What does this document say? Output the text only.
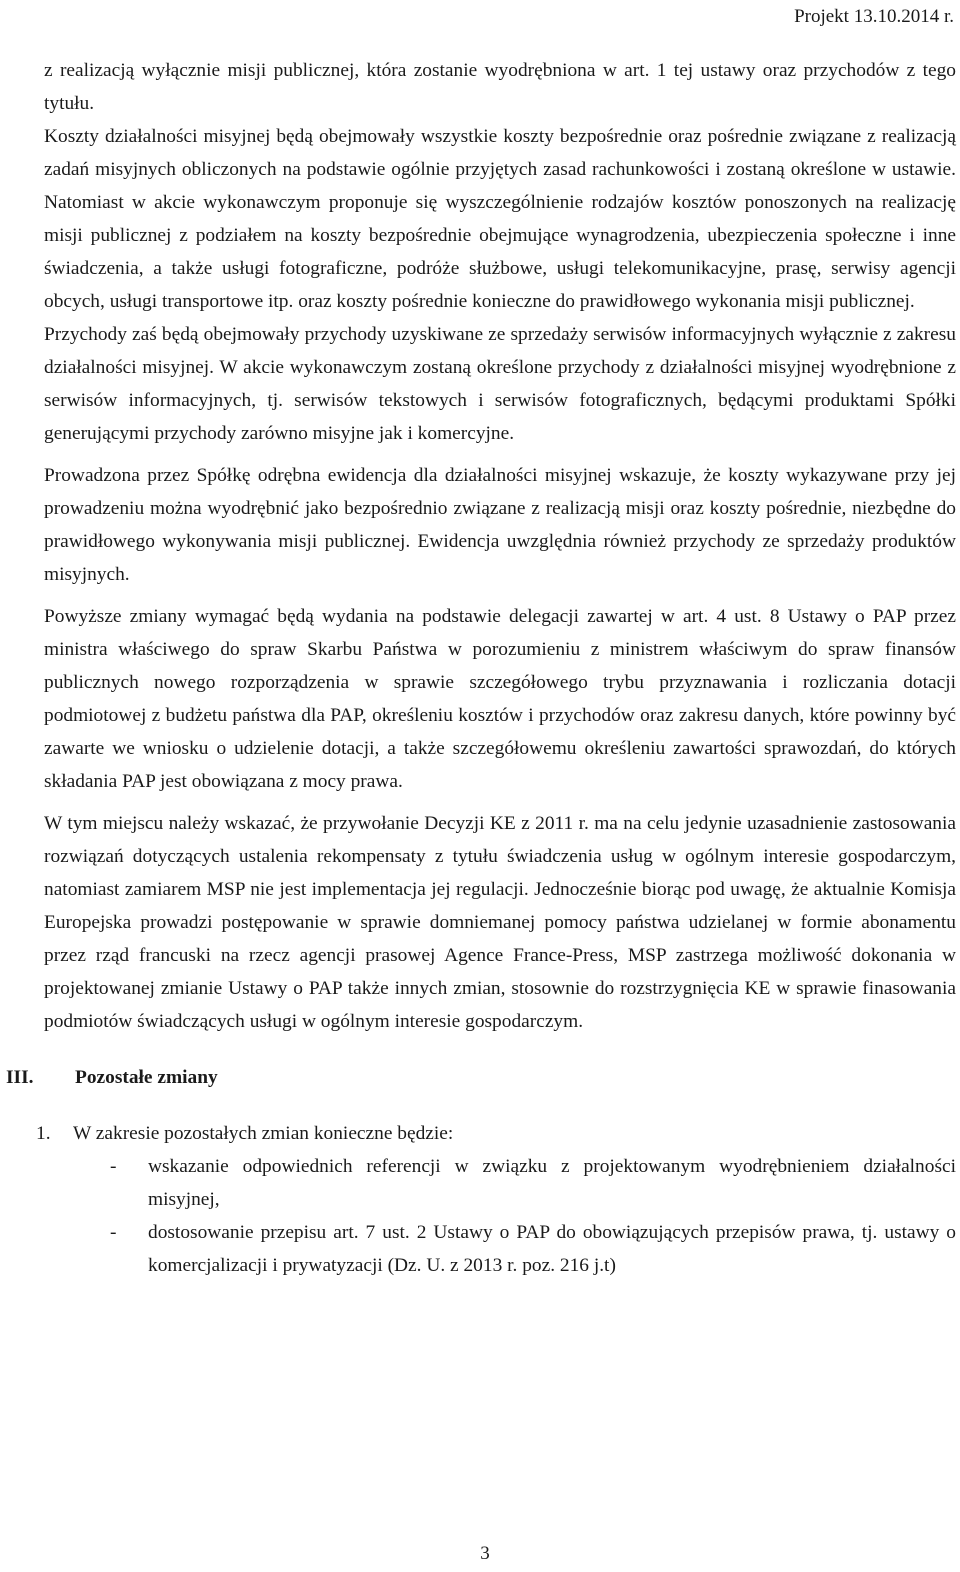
Projekt 13.10.2014 r.

z realizacją wyłącznie misji publicznej, która zostanie wyodrębniona w art. 1 tej ustawy oraz przychodów z tego tytułu.

Koszty działalności misyjnej będą obejmowały wszystkie koszty bezpośrednie oraz pośrednie związane z realizacją zadań misyjnych obliczonych na podstawie ogólnie przyjętych zasad rachunkowości i zostaną określone w ustawie. Natomiast w akcie wykonawczym proponuje się wyszczególnienie rodzajów kosztów ponoszonych na realizację misji publicznej z podziałem na koszty bezpośrednie obejmujące wynagrodzenia, ubezpieczenia społeczne i inne świadczenia, a także usługi fotograficzne, podróże służbowe, usługi telekomunikacyjne, prasę, serwisy agencji obcych, usługi transportowe itp. oraz koszty pośrednie konieczne do prawidłowego wykonania misji publicznej.

Przychody zaś będą obejmowały przychody uzyskiwane ze sprzedaży serwisów informacyjnych wyłącznie z zakresu działalności misyjnej. W akcie wykonawczym zostaną określone przychody z działalności misyjnej wyodrębnione z serwisów informacyjnych, tj. serwisów tekstowych i serwisów fotograficznych, będącymi produktami Spółki generującymi przychody zarówno misyjne jak i komercyjne.

Prowadzona przez Spółkę odrębna ewidencja dla działalności misyjnej wskazuje, że koszty wykazywane przy jej prowadzeniu można wyodrębnić jako bezpośrednio związane z realizacją misji oraz koszty pośrednie, niezbędne do prawidłowego wykonywania misji publicznej. Ewidencja uwzględnia również przychody ze sprzedaży produktów misyjnych.

Powyższe zmiany wymagać będą wydania na podstawie delegacji zawartej w art. 4 ust. 8 Ustawy o PAP przez ministra właściwego do spraw Skarbu Państwa w porozumieniu z ministrem właściwym do spraw finansów publicznych nowego rozporządzenia w sprawie szczegółowego trybu przyznawania i rozliczania dotacji podmiotowej z budżetu państwa dla PAP, określeniu kosztów i przychodów oraz zakresu danych, które powinny być zawarte we wniosku o udzielenie dotacji, a także szczegółowemu określeniu zawartości sprawozdań, do których składania PAP jest obowiązana z mocy prawa.

W tym miejscu należy wskazać, że przywołanie Decyzji KE z 2011 r. ma na celu jedynie uzasadnienie zastosowania rozwiązań dotyczących ustalenia rekompensaty z tytułu świadczenia usług w ogólnym interesie gospodarczym, natomiast zamiarem MSP nie jest implementacja jej regulacji. Jednocześnie biorąc pod uwagę, że aktualnie Komisja Europejska prowadzi postępowanie w sprawie domniemanej pomocy państwa udzielanej w formie abonamentu przez rząd francuski na rzecz agencji prasowej Agence France-Press, MSP zastrzega możliwość dokonania w projektowanej zmianie Ustawy o PAP także innych zmian, stosownie do rozstrzygnięcia KE w sprawie finasowania podmiotów świadczących usługi w ogólnym interesie gospodarczym.

III. Pozostałe zmiany
1. W zakresie pozostałych zmian konieczne będzie:
- wskazanie odpowiednich referencji w związku z projektowanym wyodrębnieniem działalności misyjnej,
- dostosowanie przepisu art. 7 ust. 2 Ustawy o PAP do obowiązujących przepisów prawa, tj. ustawy o komercjalizacji i prywatyzacji (Dz. U. z 2013 r. poz. 216 j.t)
3
